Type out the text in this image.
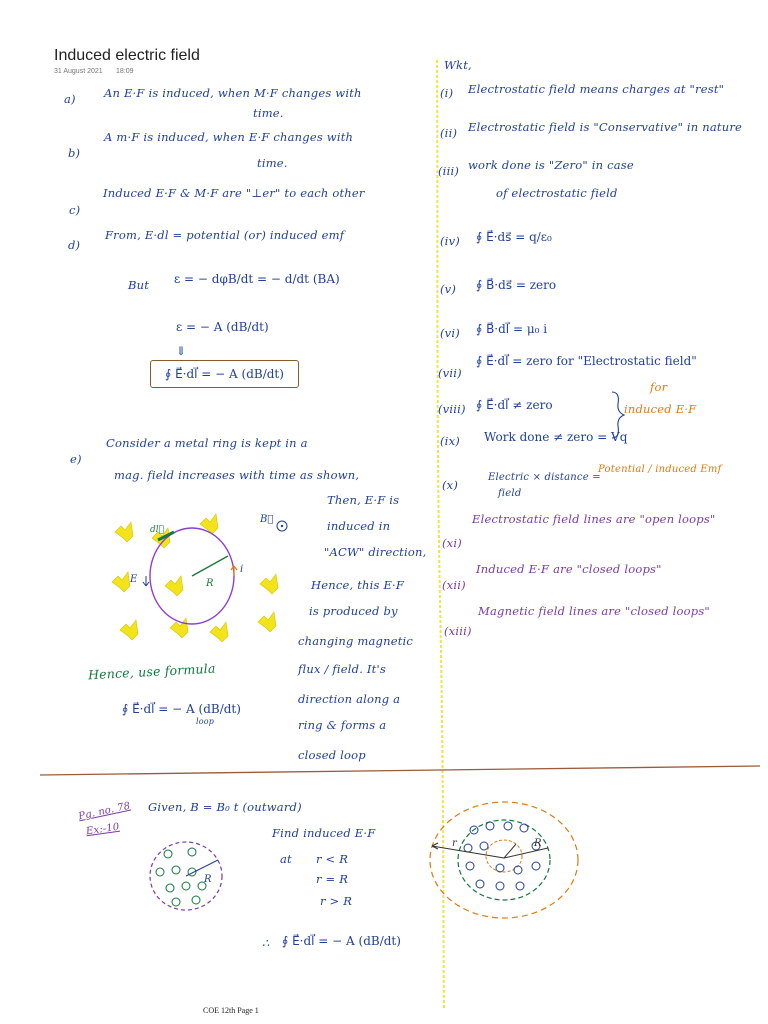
Induced electric field
31 August 2021 18:09
a) An E·F is induced, when M·F changes with
time.
b)
A m·F is induced, when E·F changes with
time.
c)
Induced E·F & M·F are "⊥er" to each other
d)
From, E·dl = potential (or) induced emf
But ε = − dφB/dt = − d/dt (BA)
ε = − A (dB/dt)
⇓
∮ E⃗·dl⃗ = − A (dB/dt)
e)
Consider a metal ring is kept in a
mag. field increases with time as shown,
Then, E·F is
induced in
"ACW" direction,
Hence, this E·F
is produced by
changing magnetic
flux / field. It's
direction along a
ring & forms a
closed loop
B⃗
dl⃗
E	R
i
Hence, use formula
∮ E⃗·dl⃗ = − A (dB/dt)
loop
Wkt,
(i) Electrostatic field means charges at "rest"
(ii) Electrostatic field is "Conservative" in nature
(iii) work done is "Zero" in case
of electrostatic field
(iv) ∮ E⃗·ds⃗ = q/ε₀
(v) ∮ B⃗·ds⃗ = zero
(vi) ∮ B⃗·dl⃗ = μ₀ i
(vii)
∮ E⃗·dl⃗ = zero for "Electrostatic field"
(viii) ∮ E⃗·dl⃗ ≠ zero
(ix) Work done ≠ zero = Vq
for
induced E·F
(x)
Electric × distance =
field
Potential / induced Emf
(xi)
Electrostatic field lines are "open loops"
(xii)
Induced E·F are "closed loops"
(xiii)
Magnetic field lines are "closed loops"
Pg. no. 78
Ex:-10
Given, B = B₀ t (outward)
R
Find induced E·F
at r < R
r = R
r > R
∴ ∮ E⃗·dl⃗ = − A (dB/dt)
r	R
COE 12th Page 1
